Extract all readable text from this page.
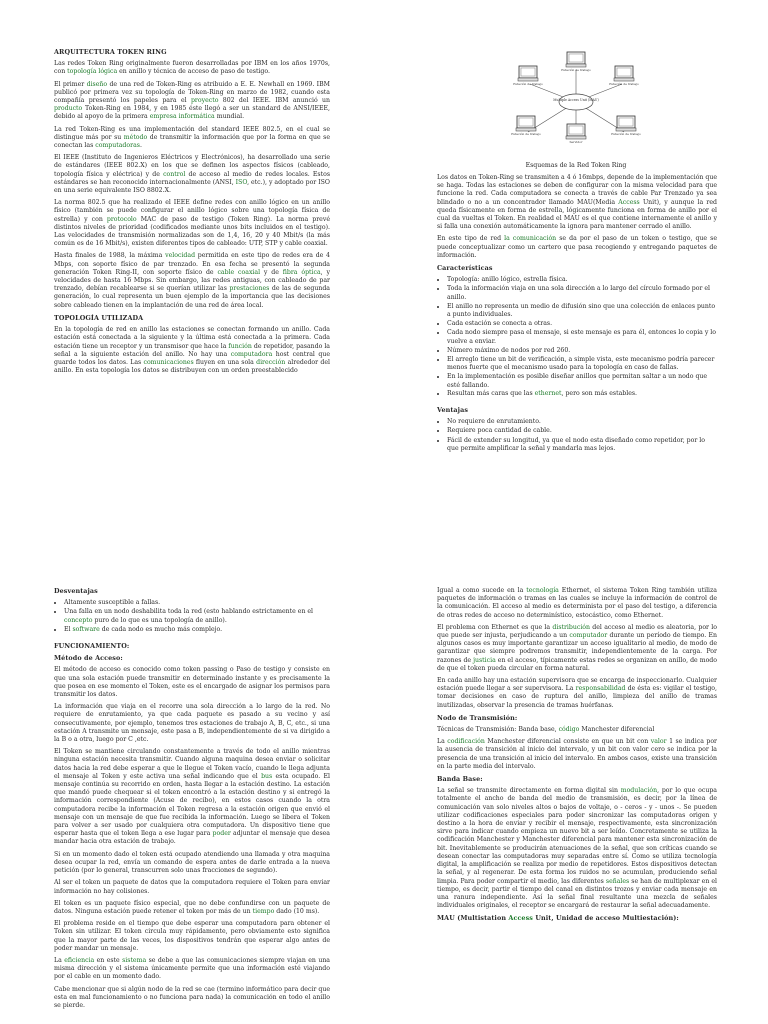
ARQUITECTURA TOKEN RING

Las redes Token Ring originalmente fueron desarrolladas por IBM en los años 1970s, con topología lógica en anillo y técnica de acceso de paso de testigo.

El primer diseño de una red de Token-Ring es atribuido a E. E. Newhall en 1969. IBM publicó por primera vez su topología de Token-Ring en marzo de 1982, cuando esta compañía presentó los papeles para el proyecto 802 del IEEE. IBM anunció un producto Token-Ring en 1984, y en 1985 éste llegó a ser un standard de ANSI/IEEE, debido al apoyo de la primera empresa informática mundial.

La red Token-Ring es una implementación del standard IEEE 802.5, en el cual se distingue más por su método de transmitir la información que por la forma en que se conectan las computadoras.

El IEEE (Instituto de Ingenieros Eléctricos y Electrónicos), ha desarrollado una serie de estándares (IEEE 802.X) en los que se definen los aspectos físicos (cableado, topología física y eléctrica) y de control de acceso al medio de redes locales. Estos estándares se han reconocido internacionalmente (ANSI, ISO, etc.), y adoptado por ISO en una serie equivalente ISO 8802.X.

La norma 802.5 que ha realizado el IEEE define redes con anillo lógico en un anillo físico (también se puede configurar el anillo lógico sobre una topología física de estrella) y con protocolo MAC de paso de testigo (Token Ring). La norma prevé distintos niveles de prioridad (codificados mediante unos bits incluidos en el testigo). Las velocidades de transmisión normalizadas son de 1,4, 16, 20 y 40 Mbit/s (la más común es de 16 Mbit/s), existen diferentes tipos de cableado: UTP, STP y cable coaxial.

Hasta finales de 1988, la máxima velocidad permitida en este tipo de redes era de 4 Mbps, con soporte físico de par trenzado. En esa fecha se presentó la segunda generación Token Ring-II, con soporte físico de cable coaxial y de fibra óptica, y velocidades de hasta 16 Mbps. Sin embargo, las redes antiguas, con cableado de par trenzado, debían recablearse si se querían utilizar las prestaciones de las de segunda generación, lo cual representa un buen ejemplo de la importancia que las decisiones sobre cableado tienen en la implantación de una red de área local.

TOPOLOGÍA UTILIZADA

En la topología de red en anillo las estaciones se conectan formando un anillo. Cada estación está conectada a la siguiente y la última está conectada a la primera. Cada estación tiene un receptor y un transmisor que hace la función de repetidor, pasando la señal a la siguiente estación del anillo. No hay una computadora host central que guarde todos los datos. Las comunicaciones fluyen en una sola dirección alrededor del anillo. En esta topología los datos se distribuyen con un orden preestablecido

Multiple Access Unit (MAU)
Estación de trabajo
Estación de trabajo	Estación de trabajo
Estación de trabajo	Estación de trabajo
Servidor
Esquemas de la Red Token Ring

Los datos en Token-Ring se transmiten a 4 ó 16mbps, depende de la implementación que se haga. Todas las estaciones se deben de configurar con la misma velocidad para que funcione la red. Cada computadora se conecta a través de cable Par Trenzado ya sea blindado o no a un concentrador llamado MAU(Media Access Unit), y aunque la red queda físicamente en forma de estrella, lógicamente funciona en forma de anillo por el cual da vueltas el Token. En realidad el MAU es el que contiene internamente el anillo y si falla una conexión automáticamente la ignora para mantener cerrado el anillo.

En este tipo de red la comunicación se da por el paso de un token o testigo, que se puede conceptualizar como un cartero que pasa recogiendo y entregando paquetes de información.

Características
• Topología: anillo lógico, estrella física.
• Toda la información viaja en una sola dirección a lo largo del círculo formado por el anillo.
• El anillo no representa un medio de difusión sino que una colección de enlaces punto a punto individuales.
• Cada estación se conecta a otras.
• Cada nodo siempre pasa el mensaje, si este mensaje es para él, entonces lo copia y lo vuelve a enviar.
• Número máximo de nodos por red 260.
• El arreglo tiene un bit de verificación, a simple vista, este mecanismo podría parecer menos fuerte que el mecanismo usado para la topología en caso de fallas.
• En la implementación es posible diseñar anillos que permitan saltar a un nodo que esté fallando.
• Resultan más caras que las ethernet, pero son más estables.
Ventajas
• No requiere de enrutamiento.
• Requiere poca cantidad de cable.
• Fácil de extender su longitud, ya que el nodo esta diseñado como repetidor, por lo que permite amplificar la señal y mandarla mas lejos.
Desventajas
• Altamente susceptible a fallas.
• Una falla en un nodo deshabilita toda la red (esto hablando estrictamente en el concepto puro de lo que es una topología de anillo).
• El software de cada nodo es mucho más complejo.
FUNCIONAMIENTO:
Método de Acceso:

El método de acceso es conocido como token passing o Paso de testigo y consiste en que una sola estación puede transmitir en determinado instante y es precisamente la que posea en ese momento el Token, este es el encargado de asignar los permisos para transmitir los datos.

La información que viaja en el recorre una sola dirección a lo largo de la red. No requiere de enrutamiento, ya que cada paquete es pasado a su vecino y así consecutivamente, por ejemplo, tenemos tres estaciones de trabajo A, B, C, etc., si una estación A transmite un mensaje, este pasa a B, independientemente de si va dirigido a la B o a otra, luego por C ,etc.

El Token se mantiene circulando constantemente a través de todo el anillo mientras ninguna estación necesita transmitir. Cuando alguna maquina desea enviar o solicitar datos hacia la red debe esperar a que le llegue el Token vacío, cuando le llega adjunta el mensaje al Token y este activa una señal indicando que el bus esta ocupado. El mensaje continúa su recorrido en orden, hasta llegar a la estación destino. La estación que mandó puede chequear si el token encontró a la estación destino y si entregó la información correspondiente (Acuse de recibo), en estos casos cuando la otra computadora recibe la información el Token regresa a la estación origen que envió el mensaje con un mensaje de que fue recibida la información. Luego se libera el Token para volver a ser usado por cualquiera otra computadora. Un dispositivo tiene que esperar hasta que el token llega a ese lugar para poder adjuntar el mensaje que desea mandar hacia otra estación de trabajo.

Si en un momento dado el token está ocupado atendiendo una llamada y otra maquina desea ocupar la red, envía un comando de espera antes de darle entrada a la nueva petición (por lo general, transcurren solo unas fracciones de segundo).

Al ser el token un paquete de datos que la computadora requiere el Token para enviar información no hay colisiones.

El token es un paquete físico especial, que no debe confundirse con un paquete de datos. Ninguna estación puede retener el token por más de un tiempo dado (10 ms).

El problema reside en el tiempo que debe esperar una computadora para obtener el Token sin utilizar. El token circula muy rápidamente, pero obviamente esto significa que la mayor parte de las veces, los dispositivos tendrán que esperar algo antes de poder mandar un mensaje.

La eficiencia en este sistema se debe a que las comunicaciones siempre viajan en una misma dirección y el sistema únicamente permite que una información esté viajando por el cable en un momento dado.

Cabe mencionar que si algún nodo de la red se cae (termino informático para decir que esta en mal funcionamiento o no funciona para nada) la comunicación en todo el anillo se pierde.

Igual a como sucede en la tecnología Ethernet, el sistema Token Ring también utiliza paquetes de información o tramas en las cuales se incluye la información de control de la comunicación. El acceso al medio es determinista por el paso del testigo, a diferencia de otras redes de acceso no determinístico, estocástico, como Ethernet.

El problema con Ethernet es que la distribución del acceso al medio es aleatoria, por lo que puede ser injusta, perjudicando a un computador durante un período de tiempo. En algunos casos es muy importante garantizar un acceso igualitario al medio, de modo de garantizar que siempre podremos transmitir, independientemente de la carga. Por razones de justicia en el acceso, típicamente estas redes se organizan en anillo, de modo de que el token pueda circular en forma natural.

En cada anillo hay una estación supervisora que se encarga de inspeccionarlo. Cualquier estación puede llegar a ser supervisora. La responsabilidad de ésta es: vigilar el testigo, tomar decisiones en caso de ruptura del anillo, limpieza del anillo de tramas inutilizadas, observar la presencia de tramas huérfanas.

Nodo de Transmisión:

Técnicas de Transmisión: Banda base, código Manchester diferencial

La codificación Manchester diferencial consiste en que un bit con valor 1 se indica por la ausencia de transición al inicio del intervalo, y un bit con valor cero se indica por la presencia de una transición al inicio del intervalo. En ambos casos, existe una transición en la parte media del intervalo.

Banda Base:

La señal se transmite directamente en forma digital sin modulación, por lo que ocupa totalmente el ancho de banda del medio de transmisión, es decir, por la línea de comunicación van solo niveles altos o bajos de voltaje, o - ceros - y - unos -. Se pueden utilizar codificaciones especiales para poder sincronizar las computadoras origen y destino a la hora de enviar y recibir el mensaje, respectivamente, esta sincronización sirve para indicar cuando empieza un nuevo bit a ser leído. Concretamente se utiliza la codificación Manchester y Manchester diferencial para mantener esta sincronización de bit. Inevitablemente se producirán atenuaciones de la señal, que son críticas cuando se desean conectar las computadoras muy separadas entre sí. Como se utiliza tecnología digital, la amplificación se realiza por medio de repetidores. Estos dispositivos detectan la señal, y al regenerar. De esta forma los ruidos no se acumulan, produciendo señal limpia. Para poder compartir el medio, las diferentes señales se han de multiplexar en el tiempo, es decir, partir el tiempo del canal en distintos trozos y enviar cada mensaje en una ranura independiente. Así la señal final resultante una mezcla de señales individuales originales, el receptor se encargará de restaurar la señal adecuadamente.

MAU (Multistation Access Unit, Unidad de acceso Multiestación):
